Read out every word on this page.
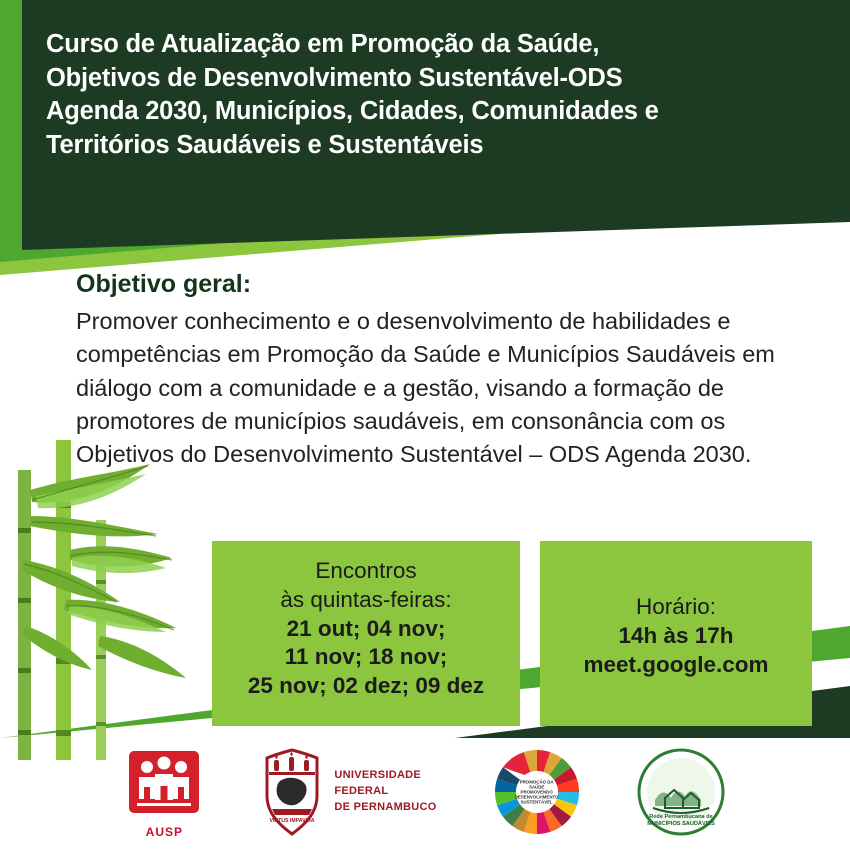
Curso de Atualização em Promoção da Saúde,
Objetivos de Desenvolvimento Sustentável-ODS
Agenda 2030, Municípios, Cidades, Comunidades e
Territórios Saudáveis e Sustentáveis
Objetivo geral:
Promover conhecimento e o desenvolvimento de habilidades e competências em Promoção da Saúde e Municípios Saudáveis em diálogo com a comunidade e a gestão, visando a formação de promotores de municípios saudáveis, em consonância com os Objetivos do Desenvolvimento Sustentável – ODS Agenda 2030.
Encontros
às quintas-feiras:
21 out; 04 nov;
11 nov; 18 nov;
25 nov; 02 dez; 09 dez
Horário:
14h às 17h
meet.google.com
AUSP
VIRTUS IMPAVIDA
UNIVERSIDADE
FEDERAL
DE PERNAMBUCO
PROMOÇÃO DA
SAÚDE
PROMOVENDO
DESENVOLVIMENTO
SUSTENTÁVEL
Rede Pernambucana de
MUNICÍPIOS SAUDÁVEIS
